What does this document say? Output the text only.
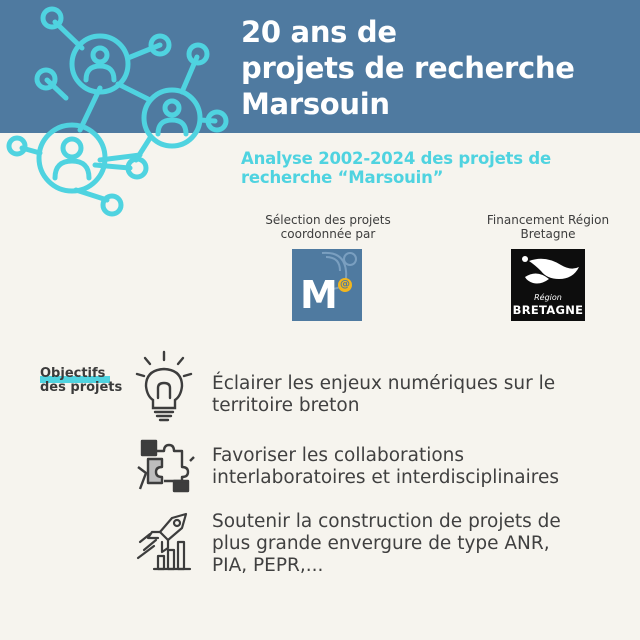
20 ans de
projets de recherche
Marsouin
Analyse 2002-2024 des projets de
recherche “Marsouin”
Sélection des projets
coordonnée par
Financement Région
Bretagne
M @
Région
BRETAGNE
Objectifs
des projets	Éclairer les enjeux numériques sur le
territoire breton
Favoriser les collaborations
interlaboratoires et interdisciplinaires
Soutenir la construction de projets de
plus grande envergure de type ANR,
PIA, PEPR,...
